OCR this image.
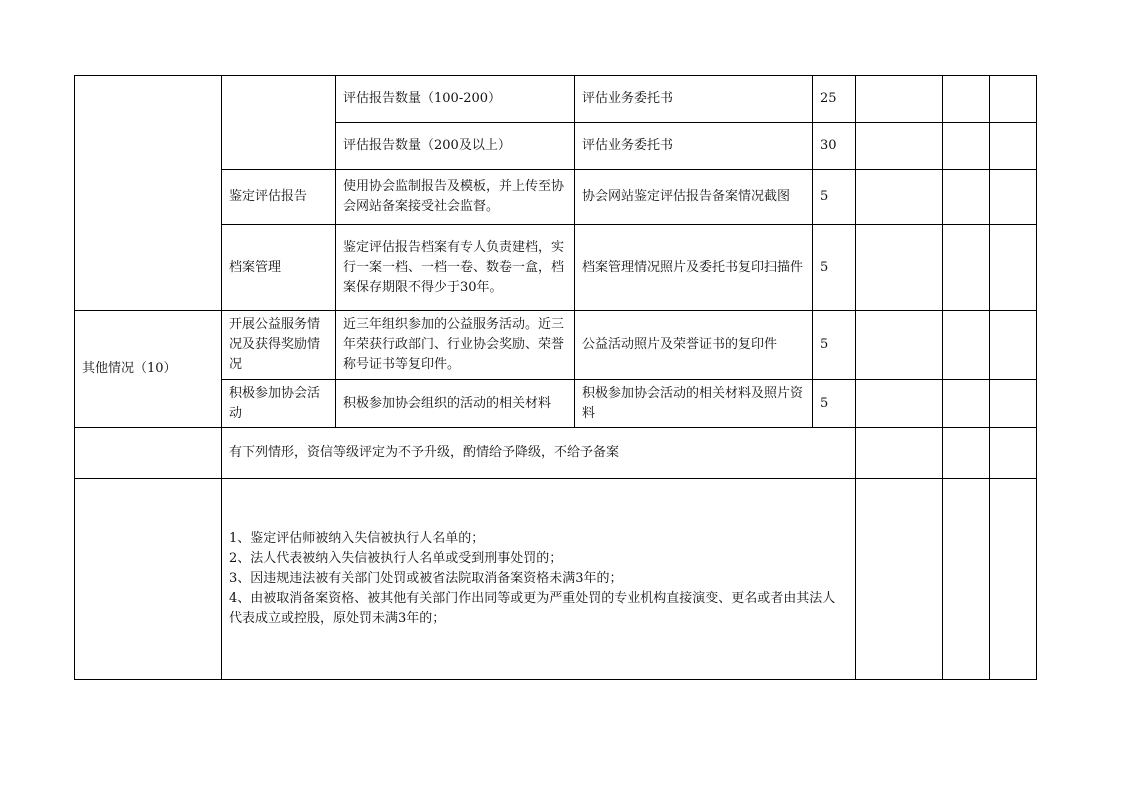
		评估报告数量（100-200）	评估业务委托书	25			
		评估报告数量（200及以上）	评估业务委托书	30			
	鉴定评估报告	使用协会监制报告及模板，并上传至协会网站备案接受社会监督。	协会网站鉴定评估报告备案情况截图	5			
	档案管理	鉴定评估报告档案有专人负责建档，实行一案一档、一档一卷、数卷一盒，档案保存期限不得少于30年。	档案管理情况照片及委托书复印扫描件	5			
其他情况（10）	开展公益服务情况及获得奖励情况	近三年组织参加的公益服务活动。近三年荣获行政部门、行业协会奖励、荣誉称号证书等复印件。	公益活动照片及荣誉证书的复印件	5			
	积极参加协会活动	积极参加协会组织的活动的相关材料	积极参加协会活动的相关材料及照片资料	5			
	有下列情形，资信等级评定为不予升级，酌情给予降级，不给予备案						

	1、鉴定评估师被纳入失信被执行人名单的；
2、法人代表被纳入失信被执行人名单或受到刑事处罚的；
3、因违规违法被有关部门处罚或被省法院取消备案资格未满3年的；
4、由被取消备案资格、被其他有关部门作出同等或更为严重处罚的专业机构直接演变、更名或者由其法人代表成立或控股，原处罚未满3年的；						
